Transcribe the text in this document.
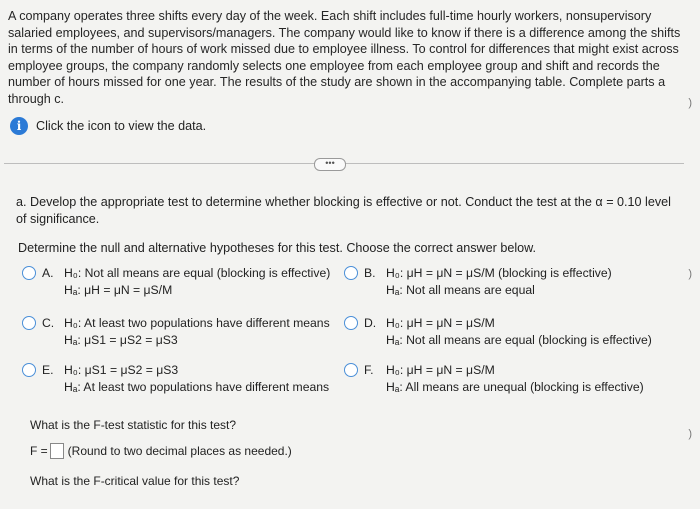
A company operates three shifts every day of the week. Each shift includes full-time hourly workers, nonsupervisory salaried employees, and supervisors/managers. The company would like to know if there is a difference among the shifts in terms of the number of hours of work missed due to employee illness. To control for differences that might exist across employee groups, the company randomly selects one employee from each employee group and shift and records the number of hours missed for one year. The results of the study are shown in the accompanying table. Complete parts a through c.
i	Click the icon to view the data.
•••
a. Develop the appropriate test to determine whether blocking is effective or not. Conduct the test at the α = 0.10 level of significance.
Determine the null and alternative hypotheses for this test. Choose the correct answer below.
A. H₀: Not all means are equal (blocking is effective)
Hₐ: μH = μN = μS/M
B. H₀: μH = μN = μS/M (blocking is effective)
Hₐ: Not all means are equal
C. H₀: At least two populations have different means
Hₐ: μS1 = μS2 = μS3
D. H₀: μH = μN = μS/M
Hₐ: Not all means are equal (blocking is effective)
E. H₀: μS1 = μS2 = μS3
Hₐ: At least two populations have different means
F. H₀: μH = μN = μS/M
Hₐ: All means are unequal (blocking is effective)
What is the F-test statistic for this test?
F = (Round to two decimal places as needed.)
What is the F-critical value for this test?
)
)
)
